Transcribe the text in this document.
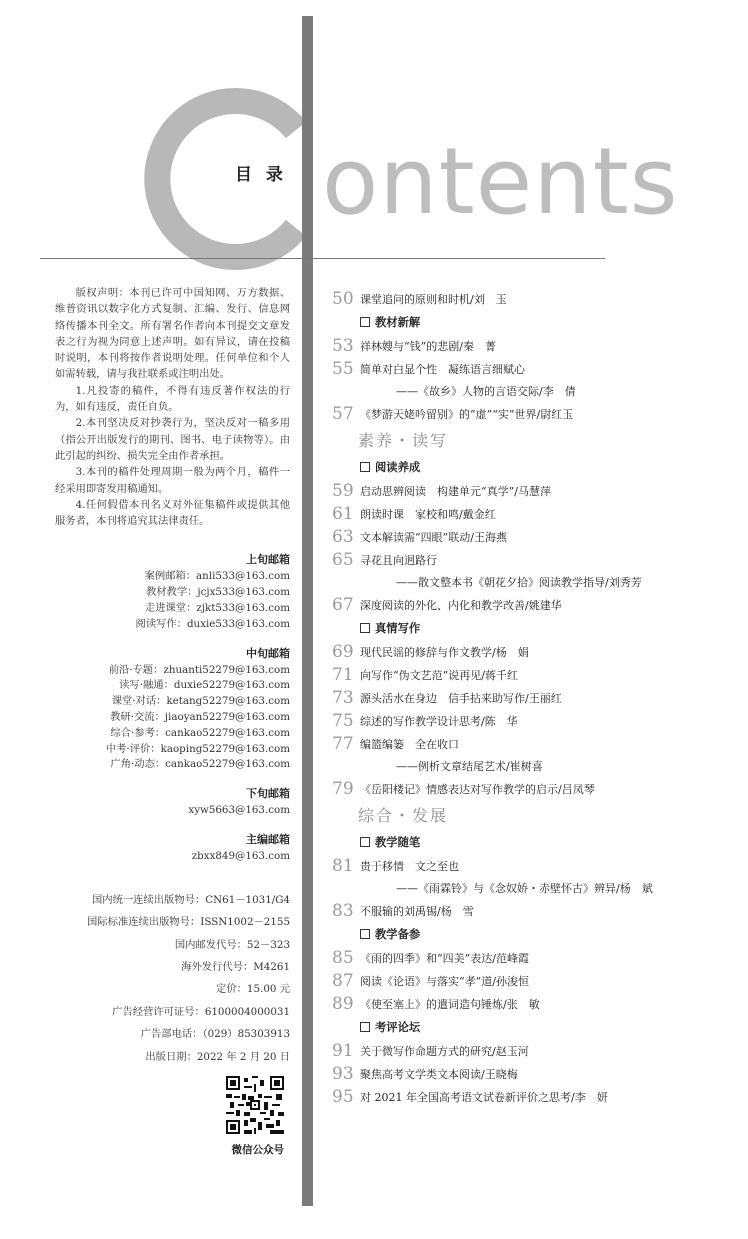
目 录 ontents

版权声明：本刊已许可中国知网、万方数据、维普资讯以数字化方式复制、汇编、发行、信息网络传播本刊全文。所有署名作者向本刊提交文章发表之行为视为同意上述声明。如有异议，请在投稿时说明，本刊将按作者说明处理。任何单位和个人如需转载，请与我社联系或注明出处。

1.凡投寄的稿件，不得有违反著作权法的行为，如有违反，责任自负。

2.本刊坚决反对抄袭行为，坚决反对一稿多用（指公开出版发行的期刊、图书、电子读物等）。由此引起的纠纷、损失完全由作者承担。

3.本刊的稿件处理周期一般为两个月，稿件一经采用即寄发用稿通知。

4.任何假借本刊名义对外征集稿件或提供其他服务者，本刊将追究其法律责任。

上旬邮箱
案例邮箱：anli533@163.com
教材教学：jcjx533@163.com
走进课堂：zjkt533@163.com
阅读写作：duxie533@163.com
中旬邮箱
前沿·专题：zhuanti52279@163.com
读写·融通：duxie52279@163.com
课堂·对话：ketang52279@163.com
教研·交流：jiaoyan52279@163.com
综合·参考：cankao52279@163.com
中考·评价：kaoping52279@163.com
广角·动态：cankao52279@163.com
下旬邮箱
xyw5663@163.com
主编邮箱
zbxx849@163.com
国内统一连续出版物号：CN61－1031/G4
国际标准连续出版物号：ISSN1002－2155
国内邮发代号：52－323
海外发行代号：M4261
定价：15.00 元
广告经营许可证号：6100004000031
广告部电话：（029）85303913
出版日期：2022 年 2 月 20 日
微信公众号
50 课堂追问的原则和时机/刘　玉
教材新解
53 祥林嫂与“钱”的悲剧/秦　菁
55 简单对白显个性　凝练语言细赋心
——《故乡》人物的言语交际/李　倩
57 《梦游天姥吟留别》的“虚”“实”世界/尉红玉
素养・读写
阅读养成
59 启动思辨阅读　构建单元“真学”/马慧萍
61 朗读时课　家校和鸣/戴金红
63 文本解读需“四眼”联动/王海燕
65 寻花且向迥路行
——散文整本书《朝花夕拾》阅读教学指导/刘秀芳
67 深度阅读的外化、内化和教学改善/姚建华
真情写作
69 现代民谣的修辞与作文教学/杨　娟
71 向写作“伪文艺范”说再见/蒋千红
73 源头活水在身边　信手拈来助写作/王丽红
75 综述的写作教学设计思考/陈　华
77 编篮编篓　全在收口
——例析文章结尾艺术/崔树喜
79 《岳阳楼记》情感表达对写作教学的启示/吕凤琴
综合・发展
教学随笔
81 贵于移情　文之至也
——《雨霖铃》与《念奴娇・赤壁怀古》辨异/杨　斌
83 不服输的刘禹锡/杨　雪
教学备参
85 《雨的四季》和“四美”表达/范峰霞
87 阅读《论语》与落实“孝”道/孙浚恒
89 《使至塞上》的遣词造句锤炼/张　敏
考评论坛
91 关于微写作命题方式的研究/赵玉河
93 聚焦高考文学类文本阅读/王晓梅
95 对 2021 年全国高考语文试卷新评价之思考/李　妍
